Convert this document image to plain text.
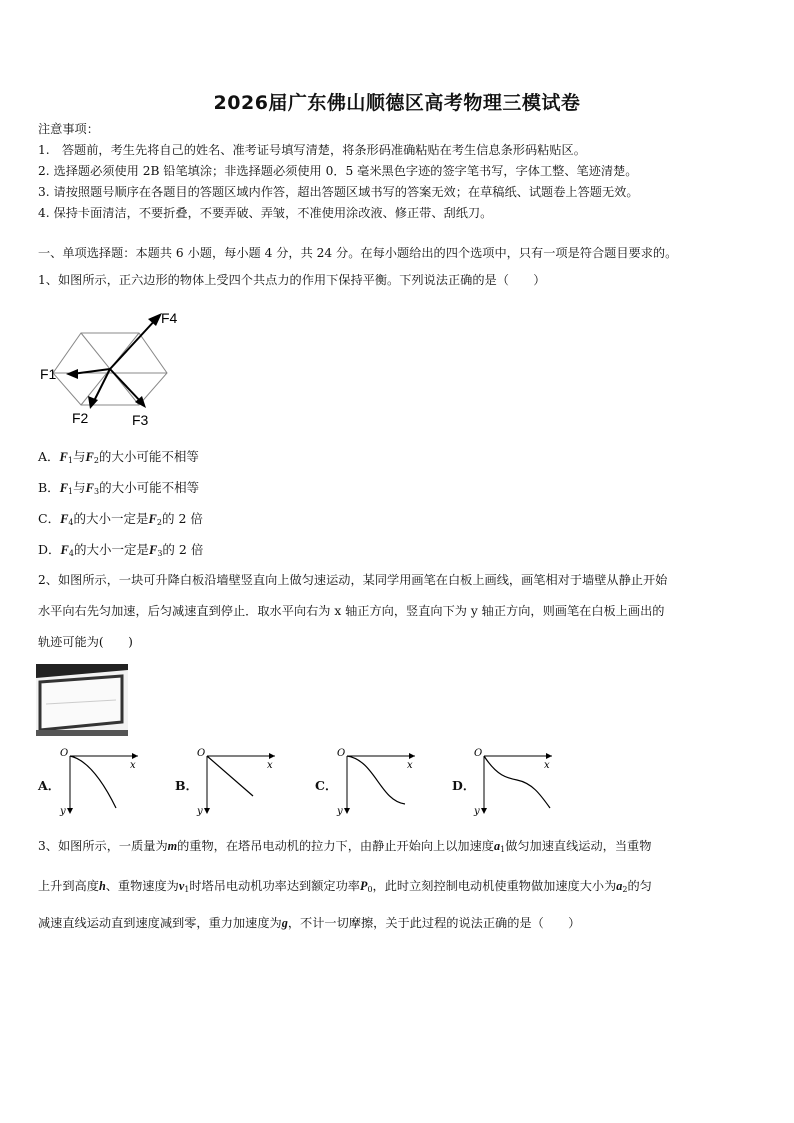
2026届广东佛山顺德区高考物理三模试卷
注意事项：
1.　答题前，考生先将自己的姓名、准考证号填写清楚，将条形码准确粘贴在考生信息条形码粘贴区。
2. 选择题必须使用 2B 铅笔填涂；非选择题必须使用 0．5 毫米黑色字迹的签字笔书写，字体工整、笔迹清楚。
3. 请按照题号顺序在各题目的答题区域内作答，超出答题区域书写的答案无效；在草稿纸、试题卷上答题无效。
4. 保持卡面清洁，不要折叠，不要弄破、弄皱，不准使用涂改液、修正带、刮纸刀。
一、单项选择题：本题共 6 小题，每小题 4 分，共 24 分。在每小题给出的四个选项中，只有一项是符合题目要求的。
1、如图所示，正六边形的物体上受四个共点力的作用下保持平衡。下列说法正确的是（　　）
F4
F1
F2	F3
A．$F_1$与$F_2$的大小可能不相等
B．$F_1$与$F_3$的大小可能不相等
C．$F_4$的大小一定是$F_2$的 2 倍
D．$F_4$的大小一定是$F_3$的 2 倍
2、如图所示，一块可升降白板沿墙壁竖直向上做匀速运动，某同学用画笔在白板上画线，画笔相对于墙壁从静止开始
水平向右先匀加速，后匀减速直到停止．取水平向右为 x 轴正方向，竖直向下为 y 轴正方向，则画笔在白板上画出的
轨迹可能为(　　)
A．
O
x
y
B．
O
x
y
C．
O
x
y
D．
O
x
y
3、如图所示，一质量为m的重物，在塔吊电动机的拉力下，由静止开始向上以加速度$a_1$做匀加速直线运动，当重物
上升到高度h、重物速度为$v_1$时塔吊电动机功率达到额定功率$P_0$，此时立刻控制电动机使重物做加速度大小为$a_2$的匀
减速直线运动直到速度减到零，重力加速度为g，不计一切摩擦，关于此过程的说法正确的是（　　）
